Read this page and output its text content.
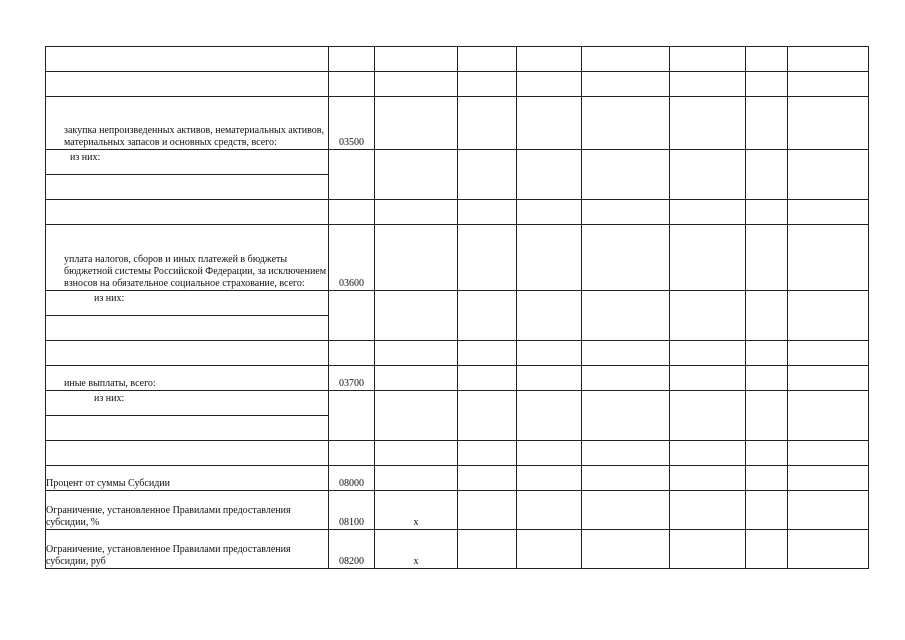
закупка непроизведенных активов, нематериальных активов, материальных запасов и основных средств, всего:	03500							
из них:								

уплата налогов, сборов и иных платежей в бюджеты бюджетной системы Российской Федерации, за исключением взносов на обязательное социальное страхование, всего:	03600							
из них:								

иные выплаты, всего:	03700							
из них:								

Процент от суммы Субсидии	08000							
Ограничение, установленное Правилами предоставления субсидии, %	08100	x						
Ограничение, установленное Правилами предоставления субсидии, руб	08200	x						
